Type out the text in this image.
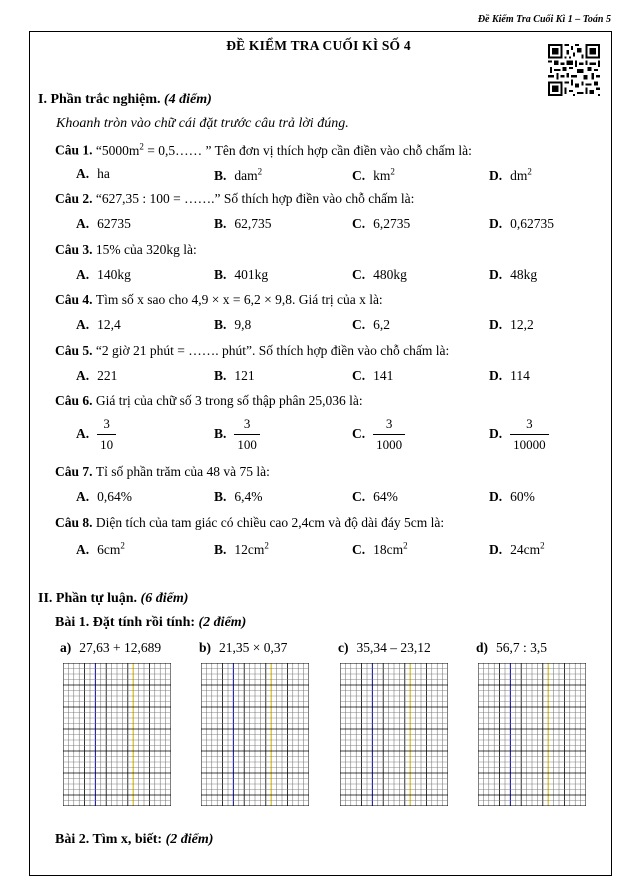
Đề Kiểm Tra Cuối Kì 1 – Toán 5
ĐỀ KIỂM TRA CUỐI KÌ SỐ 4
I. Phần trắc nghiệm. (4 điểm)
Khoanh tròn vào chữ cái đặt trước câu trả lời đúng.
Câu 1. “$5000m^2$ = 0,5…… ” Tên đơn vị thích hợp cần điền vào chỗ chấm là:
A. ha	B. dam$^2$	C. $km^2$	D. $dm^2$
Câu 2. “627,35 : 100 = …….” Số thích hợp điền vào chỗ chấm là:
A. 62735	B. 62,735	C. 6,2735	D. 0,62735
Câu 3. 15% của 320kg là:
A. 140kg	B. 401kg	C. 480kg	D. 48kg
Câu 4. Tìm số x sao cho 4,9 × x = 6,2 × 9,8. Giá trị của x là:
A. 12,4	B. 9,8	C. 6,2	D. 12,2
Câu 5. “2 giờ 21 phút = ……. phút”. Số thích hợp điền vào chỗ chấm là:
A. 221	B. 121	C. 141	D. 114
Câu 6. Giá trị của chữ số 3 trong số thập phân 25,036 là:
A. $\frac{3}{10}$	B. $\frac{3}{100}$	C. $\frac{3}{1000}$	D. $\frac{3}{10000}$
Câu 7. Tỉ số phần trăm của 48 và 75 là:
A. 0,64%	B. 6,4%	C. 64%	D. 60%
Câu 8. Diện tích của tam giác có chiều cao 2,4cm và độ dài đáy 5cm là:
A. $6cm^2$	B. $12cm^2$	C. $18cm^2$	D. $24cm^2$
II. Phần tự luận. (6 điểm)
Bài 1. Đặt tính rồi tính: (2 điểm)
a) 27,63 + 12,689	b) 21,35 × 0,37	c) 35,34 – 23,12	d) 56,7 : 3,5
Bài 2. Tìm x, biết: (2 điểm)
